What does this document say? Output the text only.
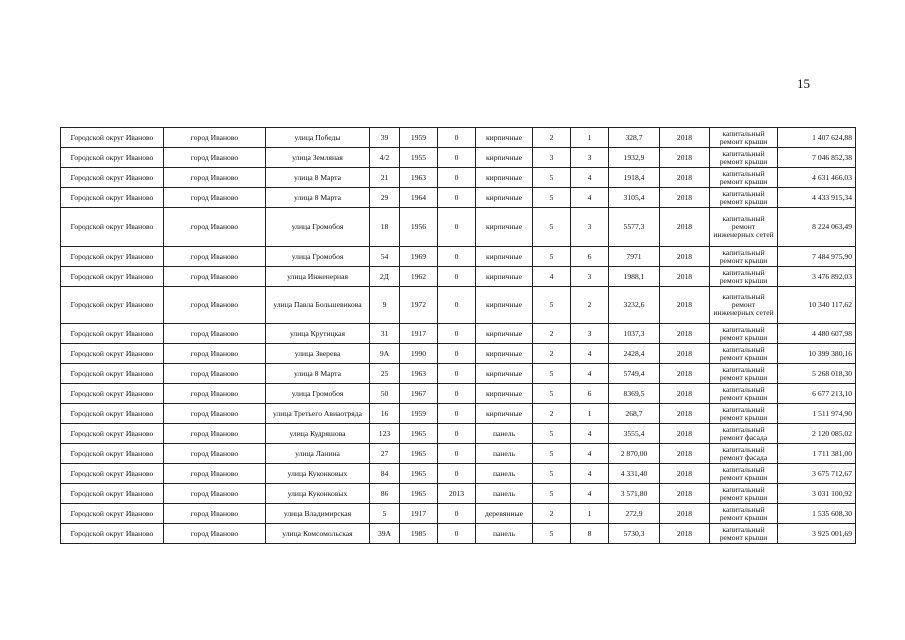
15
Городской округ Иваново	город Иваново	улица Победы	39	1959	0	кирпичные	2	1	328,7	2018	капитальный ремонт крыши	1 407 624,88
Городской округ Иваново	город Иваново	улица Земляная	4/2	1955	0	кирпичные	3	3	1932,9	2018	капитальный ремонт крыши	7 046 852,38
Городской округ Иваново	город Иваново	улица 8 Марта	21	1963	0	кирпичные	5	4	1918,4	2018	капитальный ремонт крыши	4 631 466,03
Городской округ Иваново	город Иваново	улица 8 Марта	29	1964	0	кирпичные	5	4	3105,4	2018	капитальный ремонт крыши	4 433 915,34
Городской округ Иваново	город Иваново	улица Громобоя	18	1956	0	кирпичные	5	3	5577,3	2018	капитальный ремонт инженерных сетей	8 224 063,49
Городской округ Иваново	город Иваново	улица Громобоя	54	1969	0	кирпичные	5	6	7971	2018	капитальный ремонт крыши	7 484 975,90
Городской округ Иваново	город Иваново	улица Инженерная	2Д	1962	0	кирпичные	4	3	1988,1	2018	капитальный ремонт крыши	3 476 892,03
Городской округ Иваново	город Иваново	улица Павла Большевикова	9	1972	0	кирпичные	5	2	3232,6	2018	капитальный ремонт инженерных сетей	10 340 117,62
Городской округ Иваново	город Иваново	улица Крутицкая	31	1917	0	кирпичные	2	3	1037,3	2018	капитальный ремонт крыши	4 480 607,98
Городской округ Иваново	город Иваново	улица Зверева	9А	1990	0	кирпичные	2	4	2428,4	2018	капитальный ремонт крыши	10 399 380,16
Городской округ Иваново	город Иваново	улица 8 Марта	25	1963	0	кирпичные	5	4	5749,4	2018	капитальный ремонт крыши	5 268 018,30
Городской округ Иваново	город Иваново	улица Громобоя	50	1967	0	кирпичные	5	6	8369,5	2018	капитальный ремонт крыши	6 677 213,10
Городской округ Иваново	город Иваново	улица Третьего Авиаотряда	16	1959	0	кирпичные	2	1	268,7	2018	капитальный ремонт крыши	1 511 974,90
Городской округ Иваново	город Иваново	улица Кудряшова	123	1965	0	панель	5	4	3555,4	2018	капитальный ремонт фасада	2 120 085,02
Городской округ Иваново	город Иваново	улица Ланина	27	1965	0	панель	5	4	2 870,00	2018	капитальный ремонт фасада	1 711 381,00
Городской округ Иваново	город Иваново	улица Куконковых	84	1965	0	панель	5	4	4 331,40	2018	капитальный ремонт крыши	3 675 712,67
Городской округ Иваново	город Иваново	улица Куконковых	86	1965	2013	панель	5	4	3 571,80	2018	капитальный ремонт крыши	3 031 100,92
Городской округ Иваново	город Иваново	улица Владимирская	5	1917	0	деревянные	2	1	272,9	2018	капитальный ремонт крыши	1 535 608,30
Городской округ Иваново	город Иваново	улица Комсомольская	39А	1985	0	панель	5	8	5730,3	2018	капитальный ремонт крыши	3 925 001,69
